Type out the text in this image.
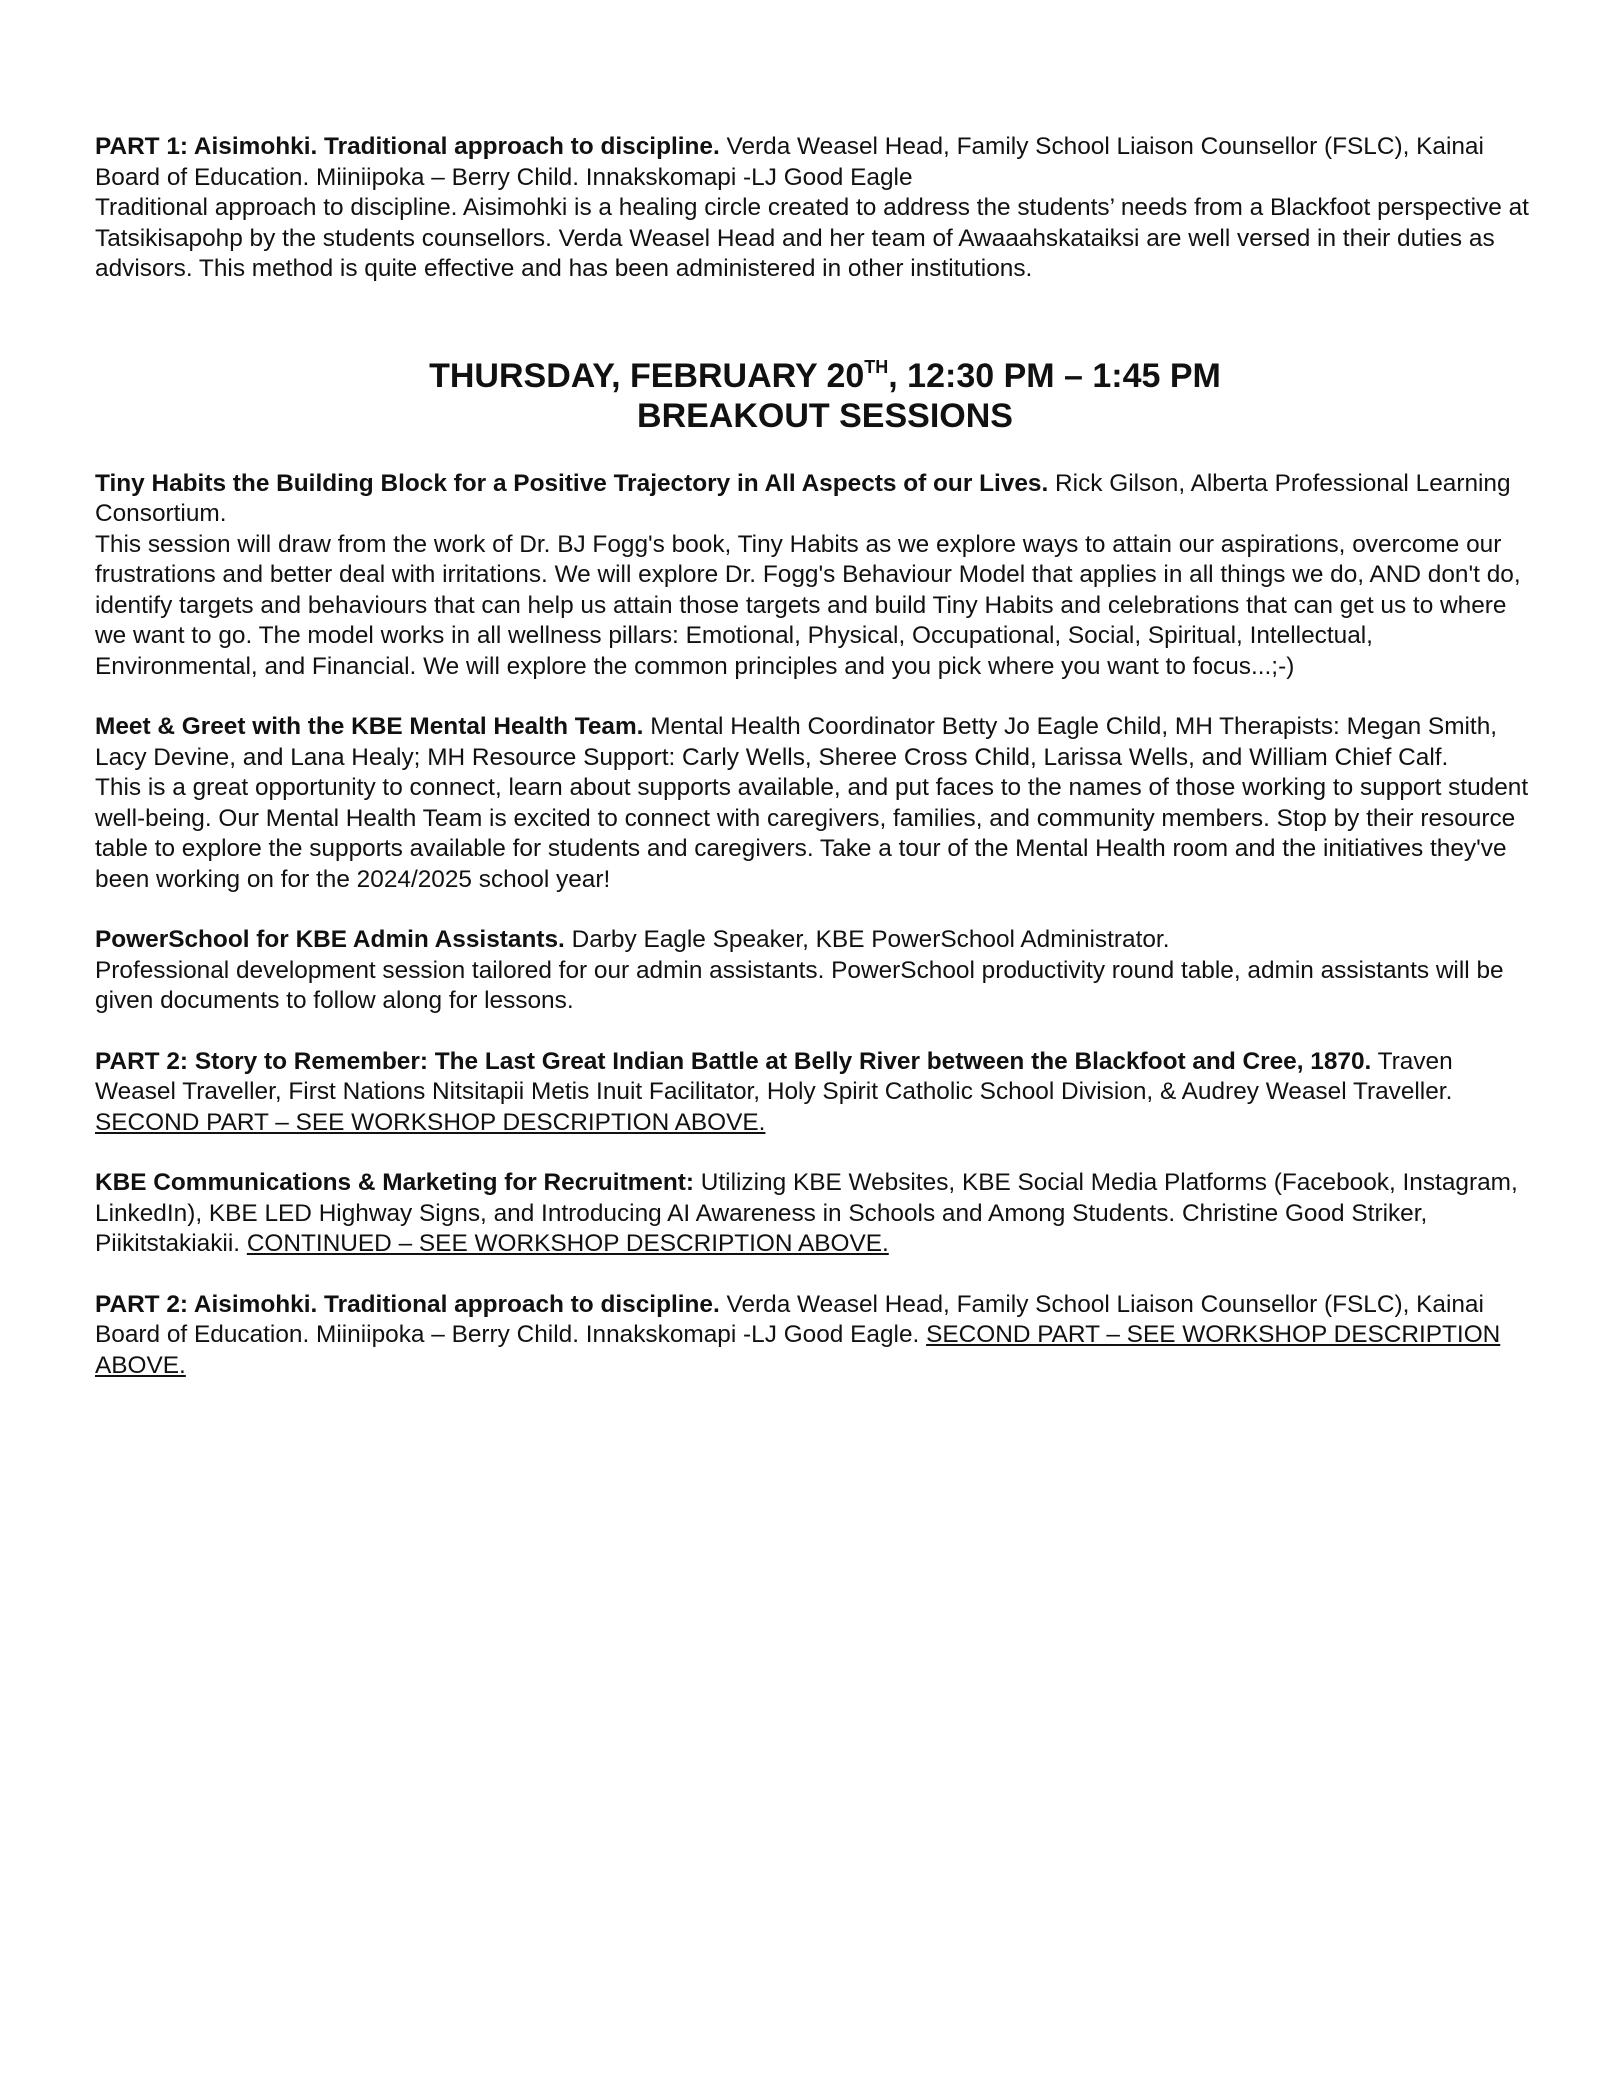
PART 1: Aisimohki. Traditional approach to discipline. Verda Weasel Head, Family School Liaison Counsellor (FSLC), Kainai Board of Education. Miiniipoka – Berry Child. Innakskomapi -LJ Good Eagle

Traditional approach to discipline. Aisimohki is a healing circle created to address the students’ needs from a Blackfoot perspective at Tatsikisapohp by the students counsellors. Verda Weasel Head and her team of Awaaahskataiksi are well versed in their duties as advisors. This method is quite effective and has been administered in other institutions.

THURSDAY, FEBRUARY 20TH, 12:30 PM – 1:45 PM
BREAKOUT SESSIONS

Tiny Habits the Building Block for a Positive Trajectory in All Aspects of our Lives. Rick Gilson, Alberta Professional Learning Consortium.

This session will draw from the work of Dr. BJ Fogg's book, Tiny Habits as we explore ways to attain our aspirations, overcome our frustrations and better deal with irritations. We will explore Dr. Fogg's Behaviour Model that applies in all things we do, AND don't do, identify targets and behaviours that can help us attain those targets and build Tiny Habits and celebrations that can get us to where we want to go. The model works in all wellness pillars: Emotional, Physical, Occupational, Social, Spiritual, Intellectual, Environmental, and Financial. We will explore the common principles and you pick where you want to focus...;-)

Meet & Greet with the KBE Mental Health Team. Mental Health Coordinator Betty Jo Eagle Child, MH Therapists: Megan Smith, Lacy Devine, and Lana Healy; MH Resource Support: Carly Wells, Sheree Cross Child, Larissa Wells, and William Chief Calf.

This is a great opportunity to connect, learn about supports available, and put faces to the names of those working to support student well-being. Our Mental Health Team is excited to connect with caregivers, families, and community members. Stop by their resource table to explore the supports available for students and caregivers. Take a tour of the Mental Health room and the initiatives they've been working on for the 2024/2025 school year!

PowerSchool for KBE Admin Assistants. Darby Eagle Speaker, KBE PowerSchool Administrator.

Professional development session tailored for our admin assistants. PowerSchool productivity round table, admin assistants will be given documents to follow along for lessons.

PART 2: Story to Remember: The Last Great Indian Battle at Belly River between the Blackfoot and Cree, 1870. Traven Weasel Traveller, First Nations Nitsitapii Metis Inuit Facilitator, Holy Spirit Catholic School Division, & Audrey Weasel Traveller. SECOND PART – SEE WORKSHOP DESCRIPTION ABOVE.

KBE Communications & Marketing for Recruitment: Utilizing KBE Websites, KBE Social Media Platforms (Facebook, Instagram, LinkedIn), KBE LED Highway Signs, and Introducing AI Awareness in Schools and Among Students. Christine Good Striker, Piikitstakiakii. CONTINUED – SEE WORKSHOP DESCRIPTION ABOVE.

PART 2: Aisimohki. Traditional approach to discipline. Verda Weasel Head, Family School Liaison Counsellor (FSLC), Kainai Board of Education. Miiniipoka – Berry Child. Innakskomapi -LJ Good Eagle. SECOND PART – SEE WORKSHOP DESCRIPTION ABOVE.
